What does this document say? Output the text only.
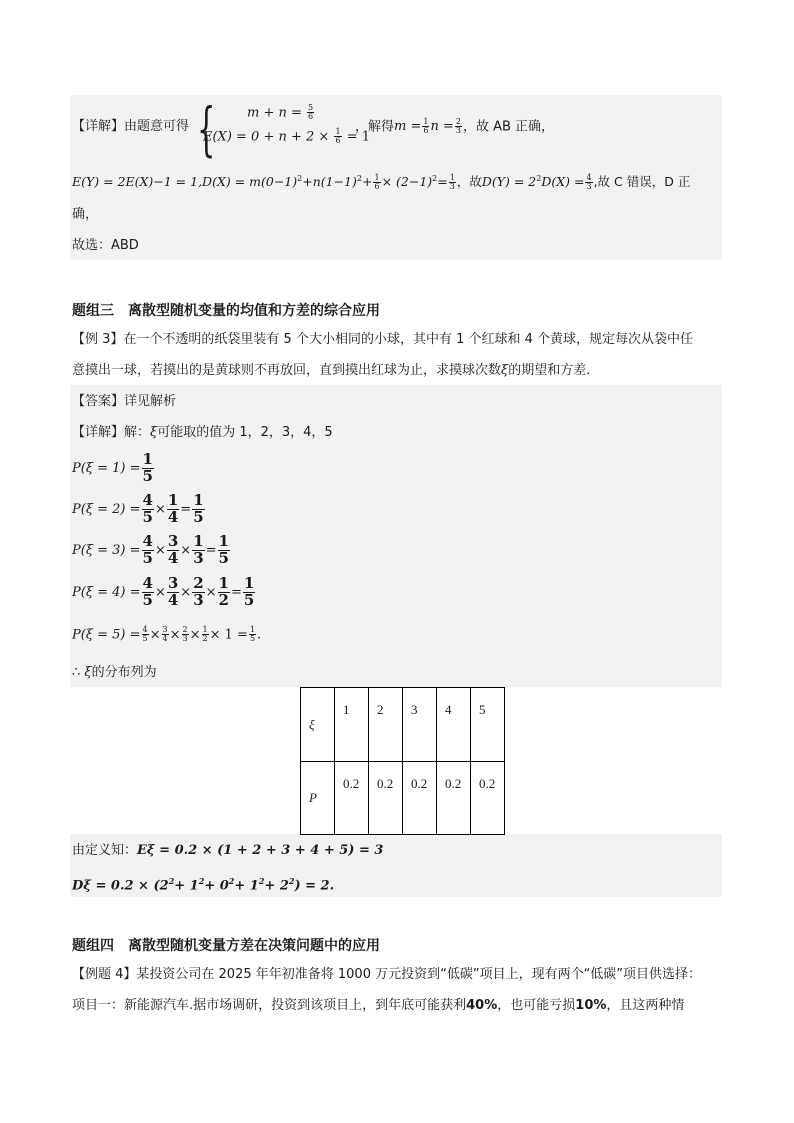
{ $m + n = \frac{5}{6}$
【详解】由题意可得	，解得$m = \frac{1}{6}$ $n = \frac{2}{3}$ ，故 AB 正确，
$E(X) = 0 + n + 2 \times \frac{1}{6} = 1$
$E(Y) = 2E(X)-1 = 1,D(X) = m(0-1)^2+n(1-1)^2+ \frac{1}{6} \times (2-1)^2= \frac{1}{3}$ ，故$D(Y) = 2^2D(X) = \frac{4}{3}$ ,故 C 错误，D 正
确，
故选：ABD
题组三 离散型随机变量的均值和方差的综合应用
【例 3】在一个不透明的纸袋里装有 5 个大小相同的小球，其中有 1 个红球和 4 个黄球，规定每次从袋中任
意摸出一球，若摸出的是黄球则不再放回，直到摸出红球为止，求摸球次数ξ的期望和方差．
【答案】详见解析
【详解】解：ξ可能取的值为 1，2，3，4，5
$P(\xi = 1) = \frac{1}{5}$
$P(\xi = 2) = \frac{4}{5} \times \frac{1}{4} = \frac{1}{5}$
$P(\xi = 3) = \frac{4}{5} \times \frac{3}{4} \times \frac{1}{3} = \frac{1}{5}$
$P(\xi = 4) = \frac{4}{5} \times \frac{3}{4} \times \frac{2}{3} \times \frac{1}{2} = \frac{1}{5}$
$P(\xi = 5) = \frac{4}{5} \times \frac{3}{4} \times \frac{2}{3} \times \frac{1}{2} \times 1 = \frac{1}{5}$ .
∴ ξ的分布列为
ξ	1	2	3	4	5
P	0.2	0.2	0.2	0.2	0.2
由定义知：Eξ = 0.2 × (1 + 2 + 3 + 4 + 5) = 3
$D\xi = 0.2 \times (2^2+ 1^2+ 0^2+ 1^2+ 2^2) = 2$.
题组四 离散型随机变量方差在决策问题中的应用
【例题 4】某投资公司在 2025 年年初准备将 1000 万元投资到“低碳”项目上，现有两个“低碳”项目供选择：
项目一：新能源汽车.据市场调研，投资到该项目上，到年底可能获利40%，也可能亏损10%，且这两种情
